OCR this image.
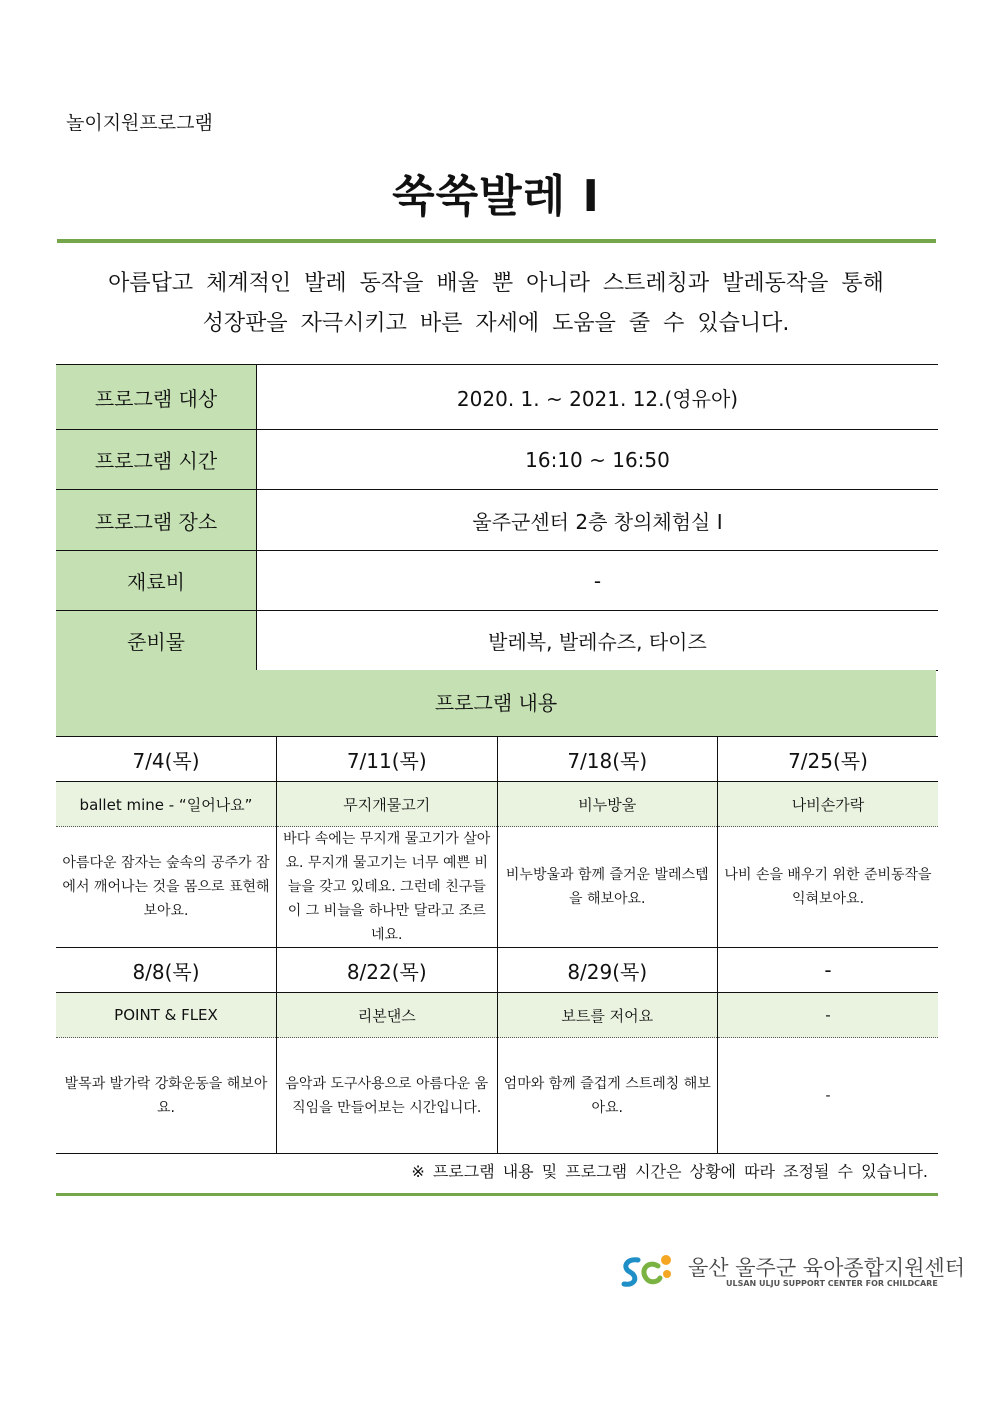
놀이지원프로그램
쑥쑥발레 I
아름답고 체계적인 발레 동작을 배울 뿐 아니라 스트레칭과 발레동작을 통해
성장판을 자극시키고 바른 자세에 도움을 줄 수 있습니다.
프로그램 대상	2020. 1. ~ 2021. 12.(영유아)
프로그램 시간	16:10 ~ 16:50
프로그램 장소	울주군센터 2층 창의체험실 I
재료비	-
준비물	발레복, 발레슈즈, 타이즈
프로그램 내용
7/4(목)	7/11(목)	7/18(목)	7/25(목)
ballet mine - “일어나요”	무지개물고기	비누방울	나비손가락
아름다운 잠자는 숲속의 공주가 잠에서 깨어나는 것을 몸으로 표현해보아요.	바다 속에는 무지개 물고기가 살아요. 무지개 물고기는 너무 예쁜 비늘을 갖고 있데요. 그런데 친구들이 그 비늘을 하나만 달라고 조르네요.	비누방울과 함께 즐거운 발레스텝을 해보아요.	나비 손을 배우기 위한 준비동작을 익혀보아요.
8/8(목)	8/22(목)	8/29(목)	-
POINT & FLEX	리본댄스	보트를 저어요	-
발목과 발가락 강화운동을 해보아요.	음악과 도구사용으로 아름다운 움직임을 만들어보는 시간입니다.	엄마와 함께 즐겁게 스트레칭 해보아요.	-
※ 프로그램 내용 및 프로그램 시간은 상황에 따라 조정될 수 있습니다.
울산 울주군 육아종합지원센터
ULSAN ULJU SUPPORT CENTER FOR CHILDCARE
